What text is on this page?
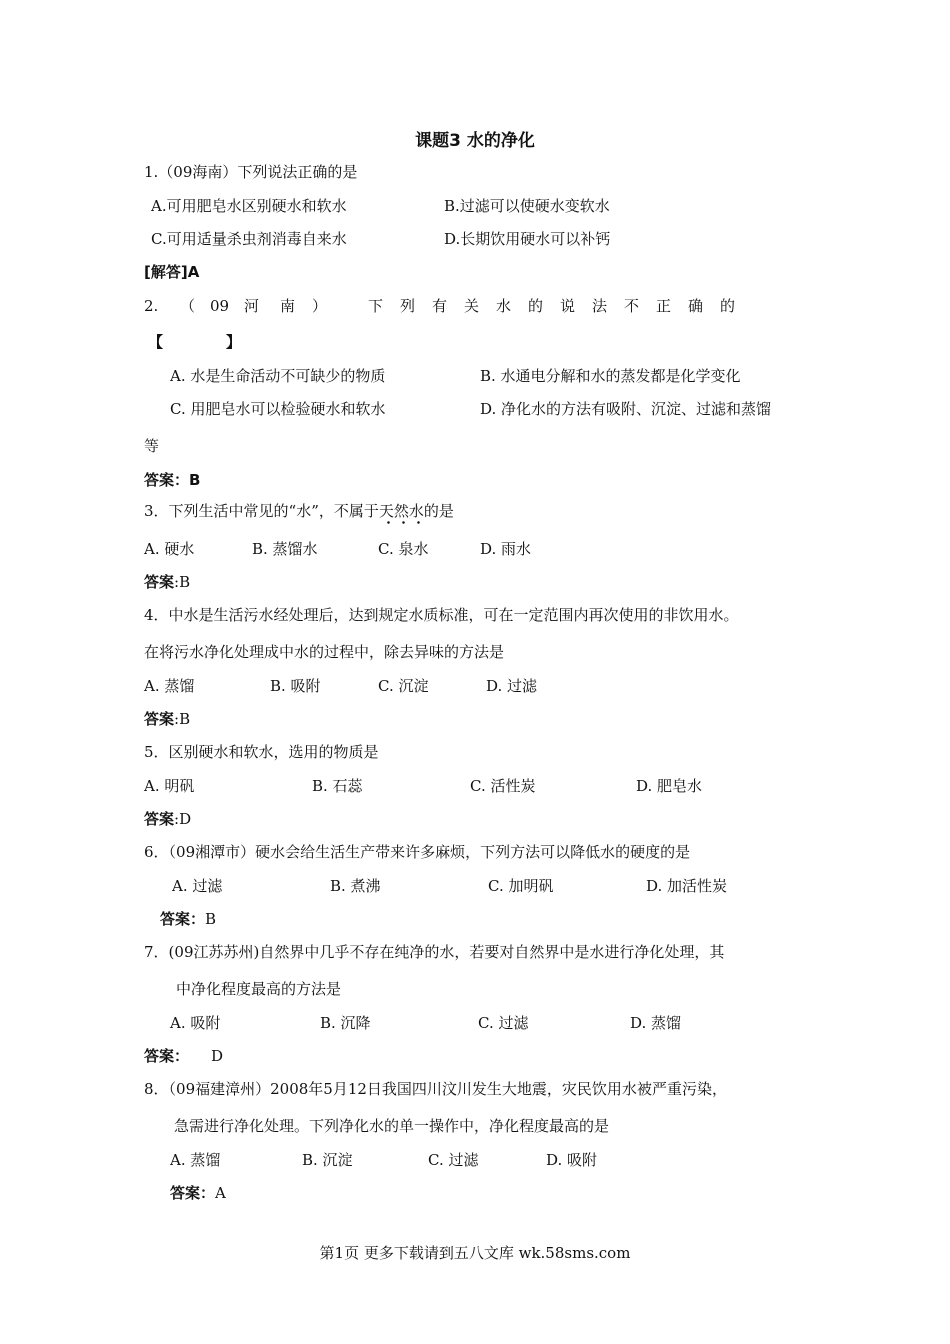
课题3 水的净化
1.（09海南）下列说法正确的是
A.可用肥皂水区别硬水和软水	B.过滤可以使硬水变软水
C.可用适量杀虫剂消毒自来水	D.长期饮用硬水可以补钙
[解答]A
2. （ 09 河 南 ）	下 列 有 关 水 的 说 法 不 正 确 的
【	】
A. 水是生命活动不可缺少的物质	B. 水通电分解和水的蒸发都是化学变化
C. 用肥皂水可以检验硬水和软水	D. 净化水的方法有吸附、沉淀、过滤和蒸馏
等
答案：B
3．下列生活中常见的“水”，不属于天然水的是
A. 硬水	B. 蒸馏水	C. 泉水	D. 雨水
答案:B
4．中水是生活污水经处理后，达到规定水质标准，可在一定范围内再次使用的非饮用水。
在将污水净化处理成中水的过程中，除去异味的方法是
A. 蒸馏	B. 吸附	C. 沉淀	D. 过滤
答案:B
5．区别硬水和软水，选用的物质是
A. 明矾	B. 石蕊	C. 活性炭	D. 肥皂水
答案:D
6．（09湘潭市）硬水会给生活生产带来许多麻烦，下列方法可以降低水的硬度的是
A. 过滤	B. 煮沸	C. 加明矾	D. 加活性炭
答案：B
7．(09江苏苏州)自然界中几乎不存在纯净的水，若要对自然界中是水进行净化处理，其
中净化程度最高的方法是
A. 吸附	B. 沉降	C. 过滤	D. 蒸馏
答案： D
8．（09福建漳州）2008年5月12日我国四川汶川发生大地震，灾民饮用水被严重污染，
急需进行净化处理。下列净化水的单一操作中，净化程度最高的是
A. 蒸馏	B. 沉淀	C. 过滤	D. 吸附
答案：A
第1页 更多下载请到五八文库 wk.58sms.com
